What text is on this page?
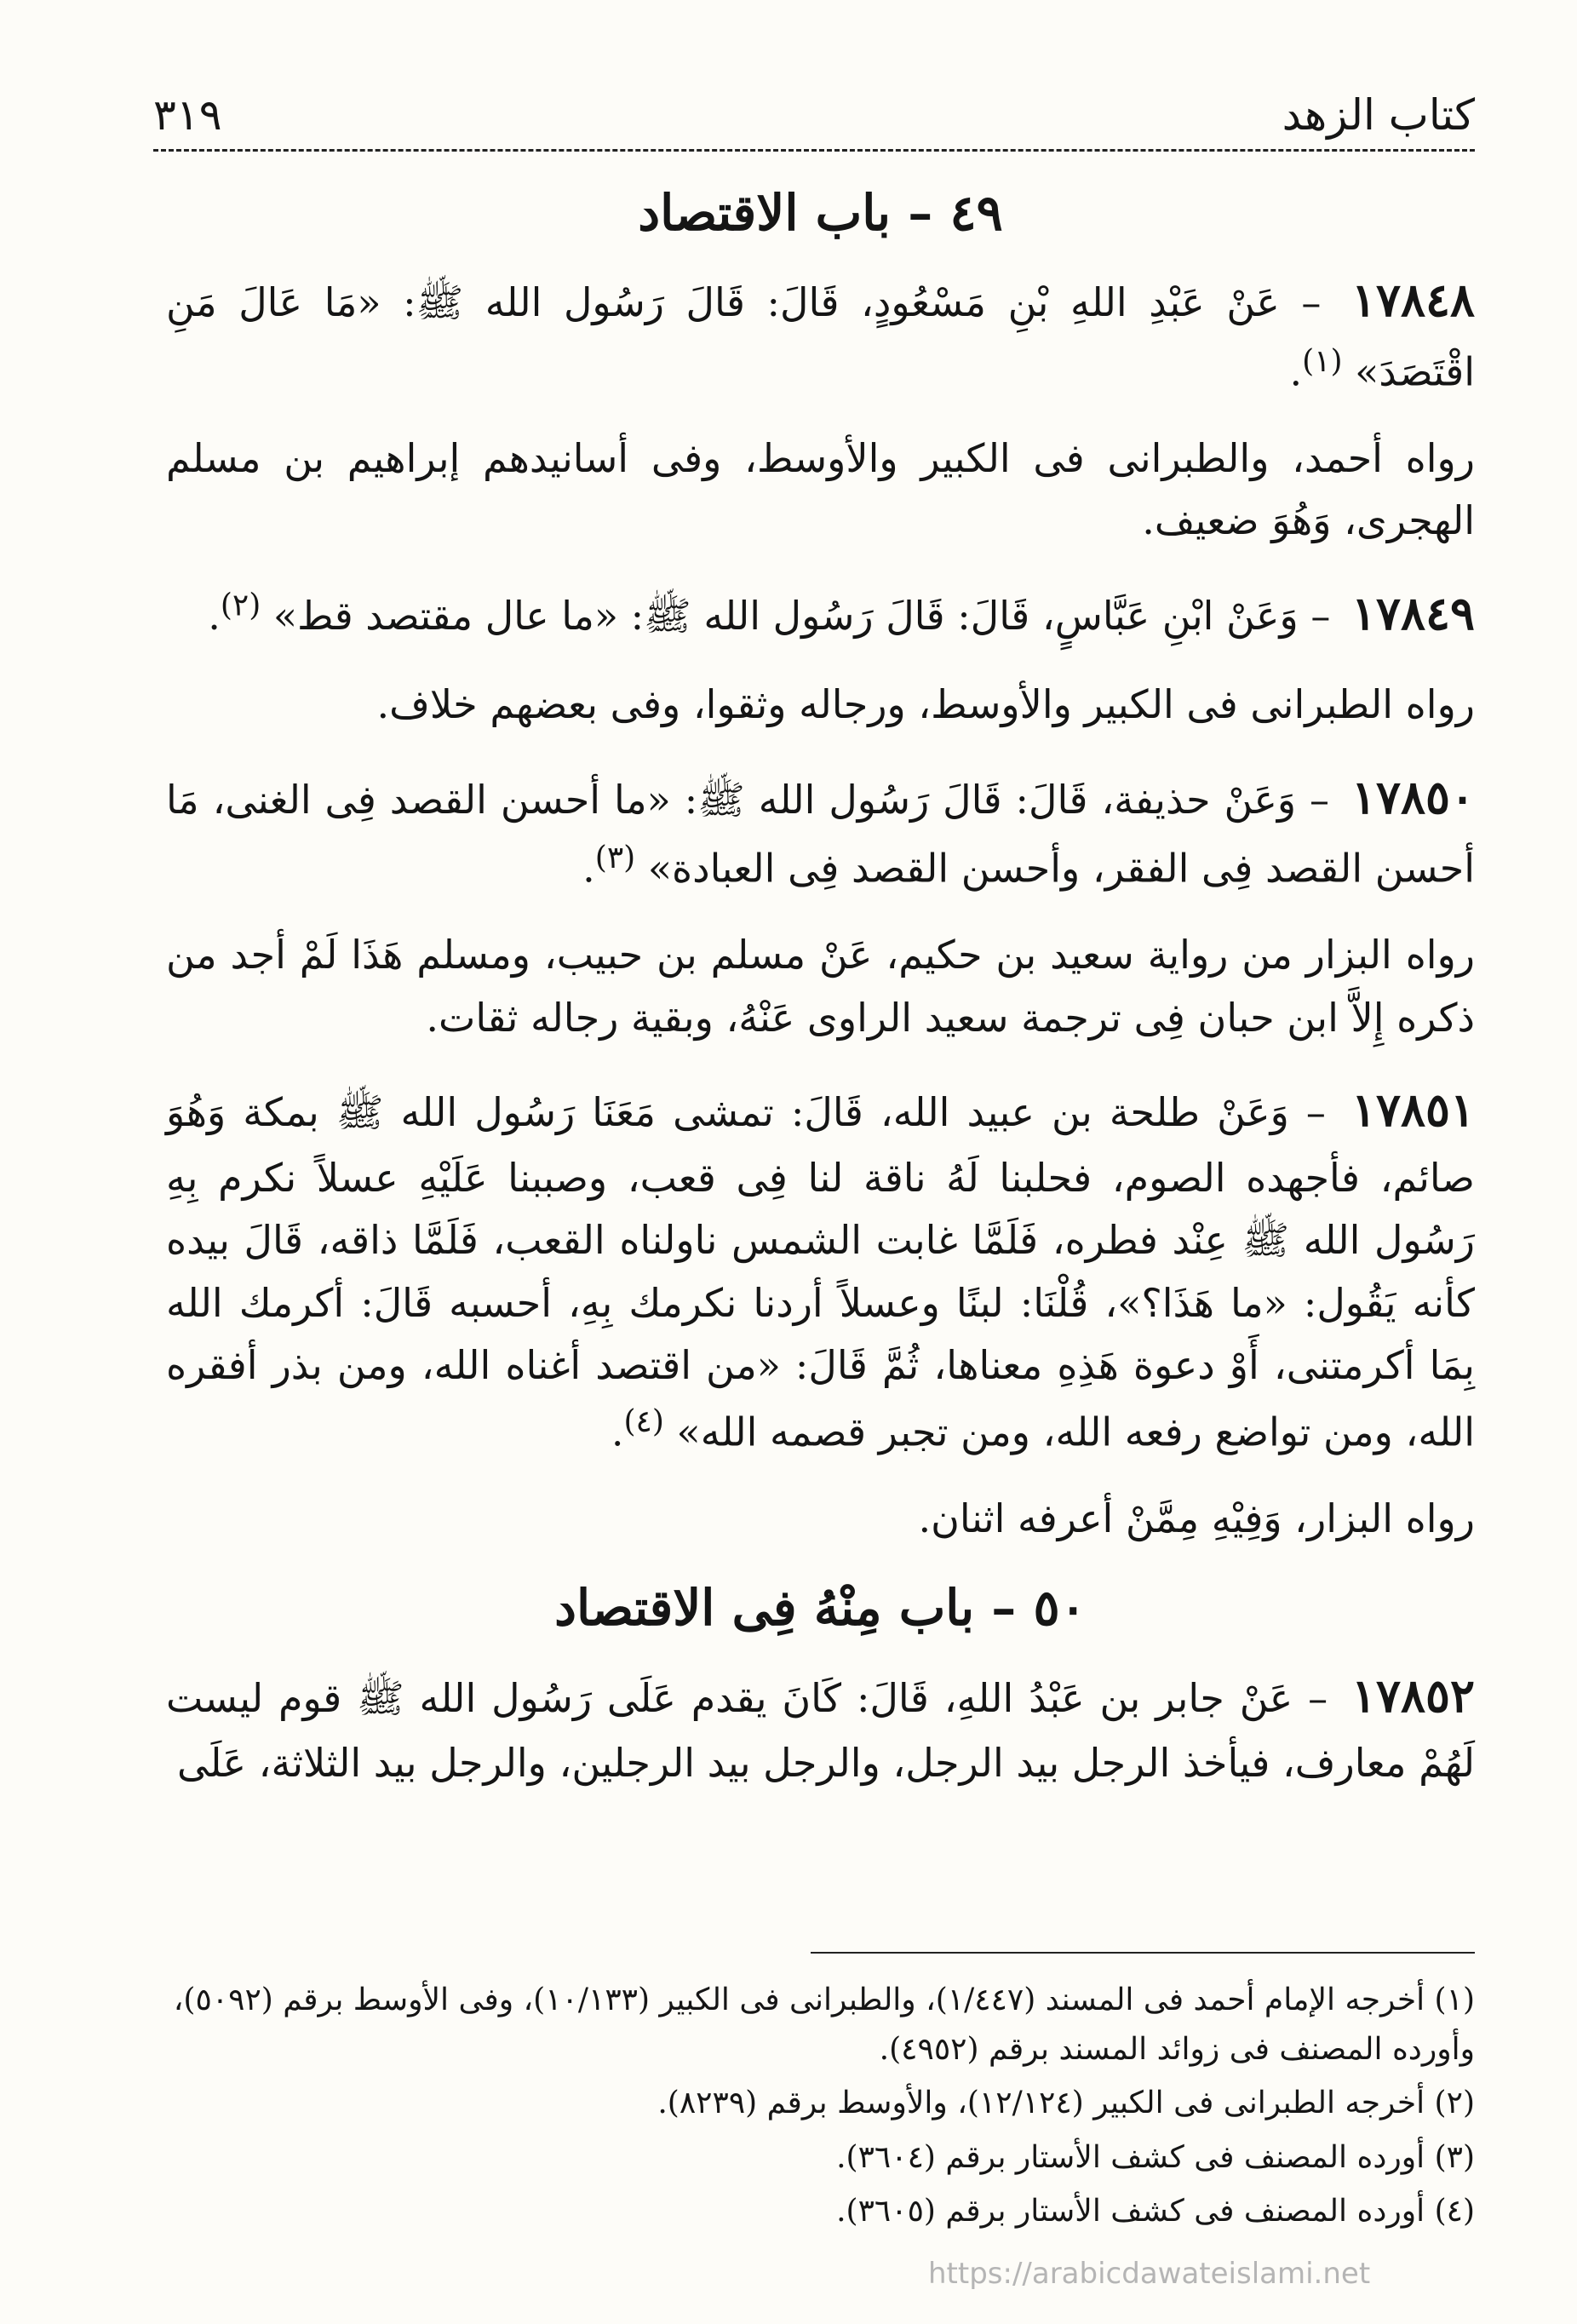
كتاب الزهد
٣١٩
٤٩ – باب الاقتصاد

١٧٨٤٨ – عَنْ عَبْدِ اللهِ بْنِ مَسْعُودٍ، قَالَ: قَالَ رَسُول الله ﷺ: «مَا عَالَ مَنِ اقْتَصَدَ» $^{(١)}$.

رواه أحمد، والطبرانى فى الكبير والأوسط، وفى أسانيدهم إبراهيم بن مسلم الهجرى، وَهُوَ ضعيف.

١٧٨٤٩ – وَعَنْ ابْنِ عَبَّاسٍ، قَالَ: قَالَ رَسُول الله ﷺ: «ما عال مقتصد قط» $^{(٢)}$.

رواه الطبرانى فى الكبير والأوسط، ورجاله وثقوا، وفى بعضهم خلاف.

١٧٨٥٠ – وَعَنْ حذيفة، قَالَ: قَالَ رَسُول الله ﷺ: «ما أحسن القصد فِى الغنى، مَا أحسن القصد فِى الفقر، وأحسن القصد فِى العبادة» $^{(٣)}$.

رواه البزار من رواية سعيد بن حكيم، عَنْ مسلم بن حبيب، ومسلم هَذَا لَمْ أجد من ذكره إِلاَّ ابن حبان فِى ترجمة سعيد الراوى عَنْهُ، وبقية رجاله ثقات.

١٧٨٥١ – وَعَنْ طلحة بن عبيد الله، قَالَ: تمشى مَعَنَا رَسُول الله ﷺ بمكة وَهُوَ صائم، فأجهده الصوم، فحلبنا لَهُ ناقة لنا فِى قعب، وصببنا عَلَيْهِ عسلاً نكرم بِهِ رَسُول الله ﷺ عِنْد فطره، فَلَمَّا غابت الشمس ناولناه القعب، فَلَمَّا ذاقه، قَالَ بيده كأنه يَقُول: «ما هَذَا؟»، قُلْنَا: لبنًا وعسلاً أردنا نكرمك بِهِ، أحسبه قَالَ: أكرمك الله بِمَا أكرمتنى، أَوْ دعوة هَذِهِ معناها، ثُمَّ قَالَ: «من اقتصد أغناه الله، ومن بذر أفقره الله، ومن تواضع رفعه الله، ومن تجبر قصمه الله» $^{(٤)}$.

رواه البزار، وَفِيْهِ مِمَّنْ أعرفه اثنان.

٥٠ – باب مِنْهُ فِى الاقتصاد

١٧٨٥٢ – عَنْ جابر بن عَبْدُ اللهِ، قَالَ: كَانَ يقدم عَلَى رَسُول الله ﷺ قوم ليست لَهُمْ معارف، فيأخذ الرجل بيد الرجل، والرجل بيد الرجلين، والرجل بيد الثلاثة، عَلَى

(١) أخرجه الإمام أحمد فى المسند (١/٤٤٧)، والطبرانى فى الكبير (١٠/١٣٣)، وفى الأوسط برقم (٥٠٩٢)، وأورده المصنف فى زوائد المسند برقم (٤٩٥٢).

(٢) أخرجه الطبرانى فى الكبير (١٢/١٢٤)، والأوسط برقم (٨٢٣٩).

(٣) أورده المصنف فى كشف الأستار برقم (٣٦٠٤).

(٤) أورده المصنف فى كشف الأستار برقم (٣٦٠٥).

https://arabicdawateislami.net
